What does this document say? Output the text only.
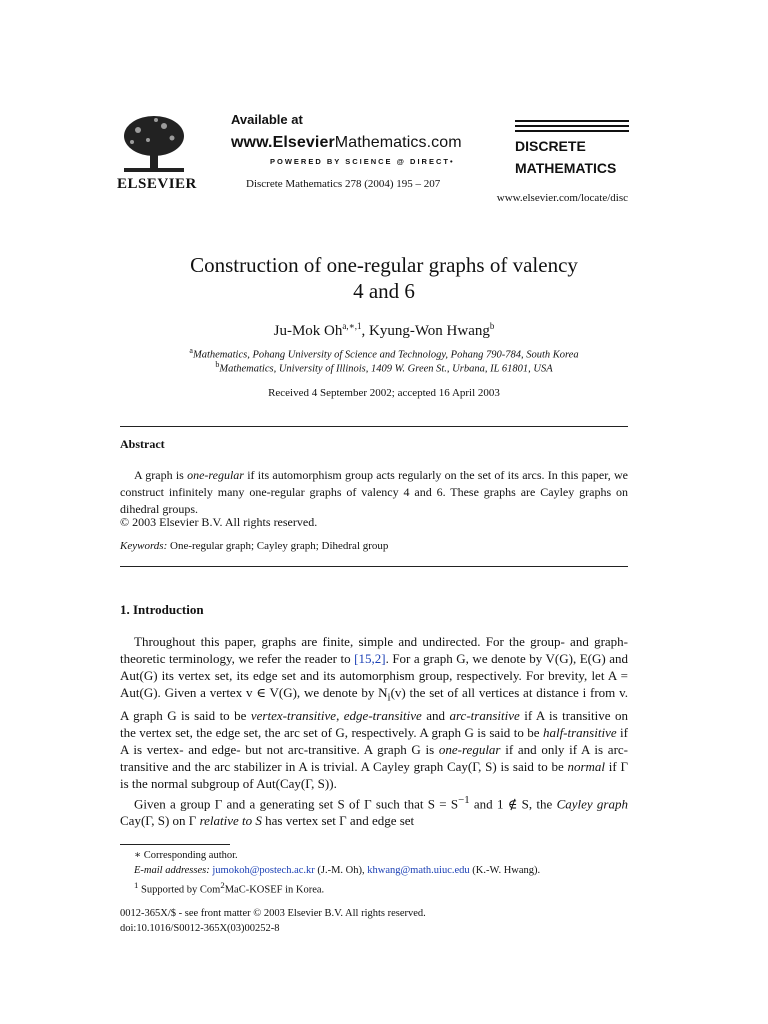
ELSEVIER
Available at
www.ElsevierMathematics.com
POWERED BY SCIENCE @ DIRECT•
Discrete Mathematics 278 (2004) 195 – 207
DISCRETE
MATHEMATICS
www.elsevier.com/locate/disc
Construction of one-regular graphs of valency
4 and 6
Ju-Mok $Oh^{a,∗,1}$, Kyung-Won Hwang$^b$
$^a$Mathematics, Pohang University of Science and Technology, Pohang 790-784, South Korea
$^b$Mathematics, University of Illinois, 1409 W. Green St., Urbana, IL 61801, USA
Received 4 September 2002; accepted 16 April 2003
Abstract
A graph is one-regular if its automorphism group acts regularly on the set of its arcs. In this paper, we construct infinitely many one-regular graphs of valency 4 and 6. These graphs are Cayley graphs on dihedral groups.
© 2003 Elsevier B.V. All rights reserved.
Keywords: One-regular graph; Cayley graph; Dihedral group
1. Introduction

Throughout this paper, graphs are finite, simple and undirected. For the group- and graph-theoretic terminology, we refer the reader to [15,2]. For a graph G, we denote by V(G), E(G) and Aut(G) its vertex set, its edge set and its automorphism group, respectively. For brevity, let A = Aut(G). Given a vertex v ∈ V(G), we denote by $N_i(v)$ the set of all vertices at distance i from v. A graph G is said to be vertex-transitive, edge-transitive and arc-transitive if A is transitive on the vertex set, the edge set, the arc set of G, respectively. A graph G is said to be half-transitive if A is vertex- and edge- but not arc-transitive. A graph G is one-regular if and only if A is arc-transitive and the arc stabilizer in A is trivial. A Cayley graph Cay(Γ, S) is said to be normal if Γ is the normal subgroup of Aut(Cay(Γ, S)).

Given a group Γ and a generating set S of Γ such that $S = S^{-1}$ and 1 ∉ S, the Cayley graph Cay(Γ, S) on Γ relative to S has vertex set Γ and edge set

∗ Corresponding author.
E-mail addresses: jumokoh@postech.ac.kr (J.-M. Oh), khwang@math.uiuc.edu (K.-W. Hwang).
$^1$ Supported by Com$^2$MaC-KOSEF in Korea.
0012-365X/$ - see front matter © 2003 Elsevier B.V. All rights reserved.
doi:10.1016/S0012-365X(03)00252-8
